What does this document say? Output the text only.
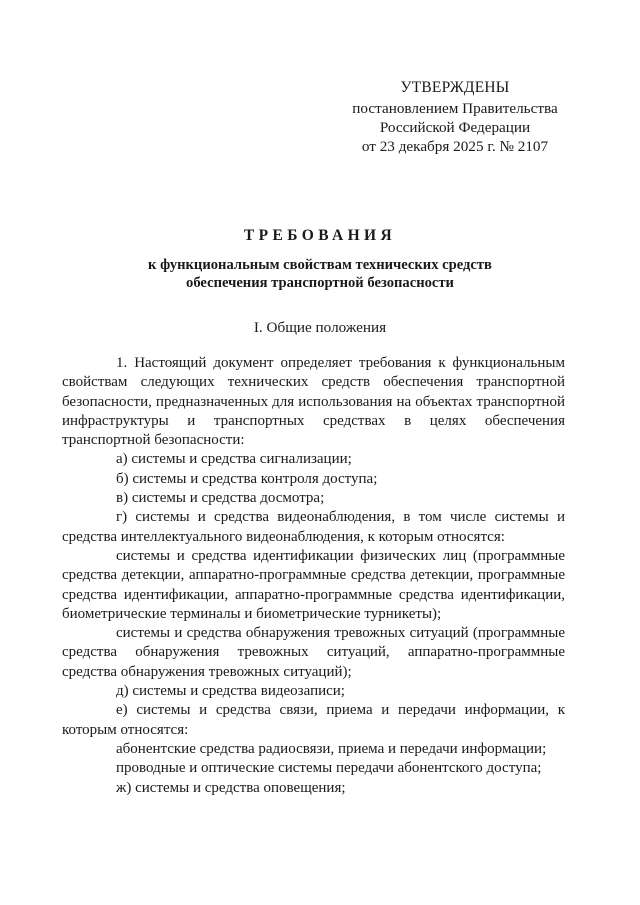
УТВЕРЖДЕНЫ
постановлением Правительства
Российской Федерации
от 23 декабря 2025 г. № 2107
ТРЕБОВАНИЯ
к функциональным свойствам технических средств
обеспечения транспортной безопасности
I. Общие положения

1. Настоящий документ определяет требования к функциональным свойствам следующих технических средств обеспечения транспортной безопасности, предназначенных для использования на объектах транспортной инфраструктуры и транспортных средствах в целях обеспечения транспортной безопасности:

а) системы и средства сигнализации;

б) системы и средства контроля доступа;

в) системы и средства досмотра;

г) системы и средства видеонаблюдения, в том числе системы и средства интеллектуального видеонаблюдения, к которым относятся:

системы и средства идентификации физических лиц (программные средства детекции, аппаратно-программные средства детекции, программные средства идентификации, аппаратно-программные средства идентификации, биометрические терминалы и биометрические турникеты);

системы и средства обнаружения тревожных ситуаций (программные средства обнаружения тревожных ситуаций, аппаратно-программные средства обнаружения тревожных ситуаций);

д) системы и средства видеозаписи;

е) системы и средства связи, приема и передачи информации, к которым относятся:

абонентские средства радиосвязи, приема и передачи информации;

проводные и оптические системы передачи абонентского доступа;

ж) системы и средства оповещения;
